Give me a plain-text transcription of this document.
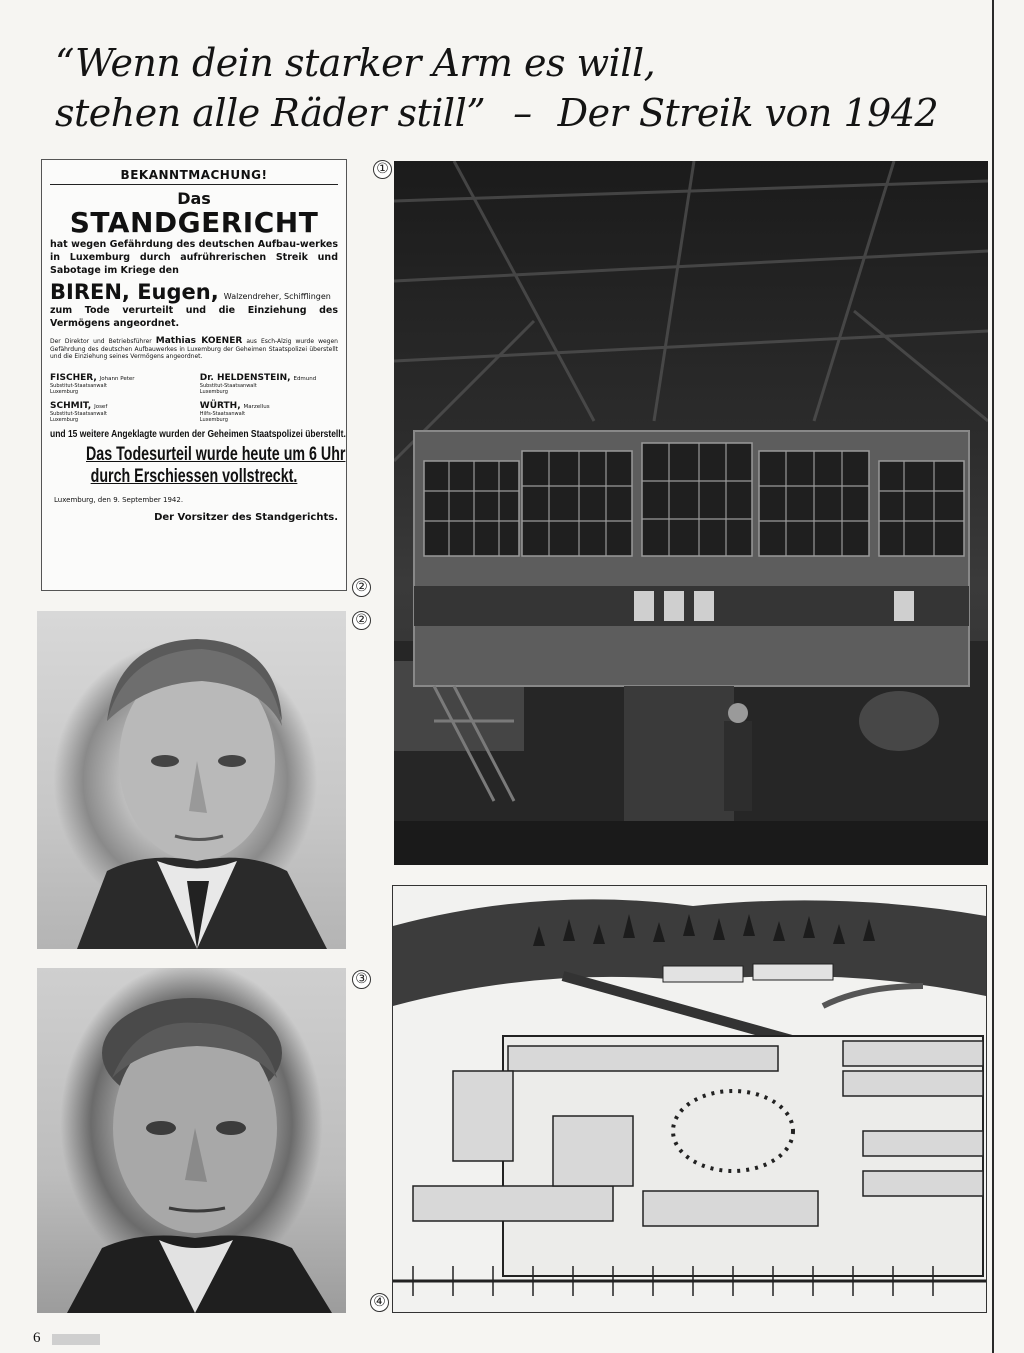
“Wenn dein starker Arm es will,
stehen alle Räder still” – Der Streik von 1942
BEKANNTMACHUNG!
Das
STANDGERICHT
hat wegen Gefährdung des deutschen Aufbau-werkes in Luxemburg durch aufrührerischen Streik und Sabotage im Kriege den
BIREN, Eugen, Walzendreher, Schifflingen
zum Tode verurteilt und die Einziehung des Vermögens angeordnet.
Der Direktor und Betriebsführer Mathias KOENER aus Esch-Alzig wurde wegen Gefährdung des deutschen Aufbauwerkes in Luxemburg der Geheimen Staatspolizei überstellt und die Einziehung seines Vermögens angeordnet.
FISCHER, Johann Peter
Substitut-Staatsanwalt
Luxemburg
SCHMIT, Josef
Substitut-Staatsanwalt
Luxemburg
Dr. HELDENSTEIN, Edmund
Substitut-Staatsanwalt
Luxemburg
WÜRTH, Marzellus
Hilfs-Staatsanwalt
Luxemburg
und 15 weitere Angeklagte wurden der Geheimen Staatspolizei überstellt.
Das Todesurteil wurde heute um 6 Uhr
durch Erschiessen vollstreckt.
Luxemburg, den 9. September 1942.
Der Vorsitzer des Standgerichts.
①
②
②
③
④
6
